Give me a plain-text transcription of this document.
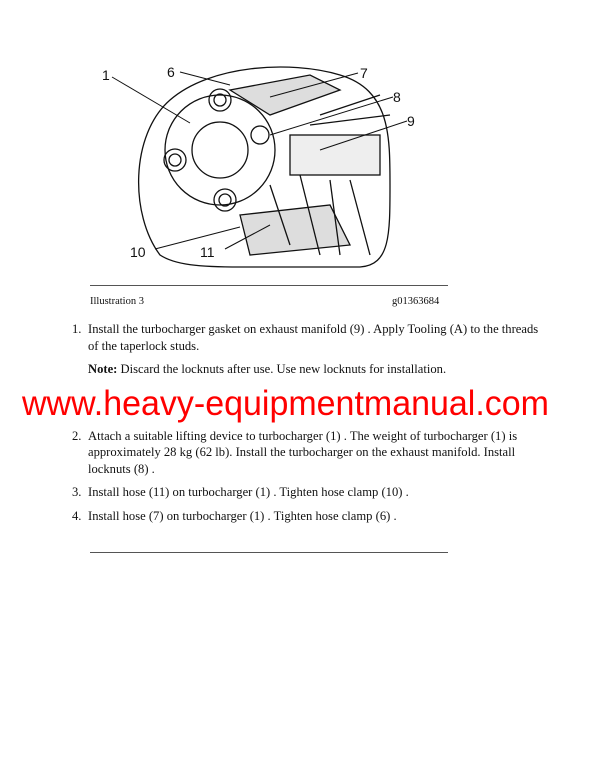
1	6	7
8
9
10	11
Illustration 3	g01363684
1. Install the turbocharger gasket on exhaust manifold (9) . Apply Tooling (A) to the threads of the taperlock studs.
Note: Discard the locknuts after use. Use new locknuts for installation.
www.heavy-equipmentmanual.com
2. Attach a suitable lifting device to turbocharger (1) . The weight of turbocharger (1) is approximately 28 kg (62 lb). Install the turbocharger on the exhaust manifold. Install locknuts (8) .
3. Install hose (11) on turbocharger (1) . Tighten hose clamp (10) .
4. Install hose (7) on turbocharger (1) . Tighten hose clamp (6) .
